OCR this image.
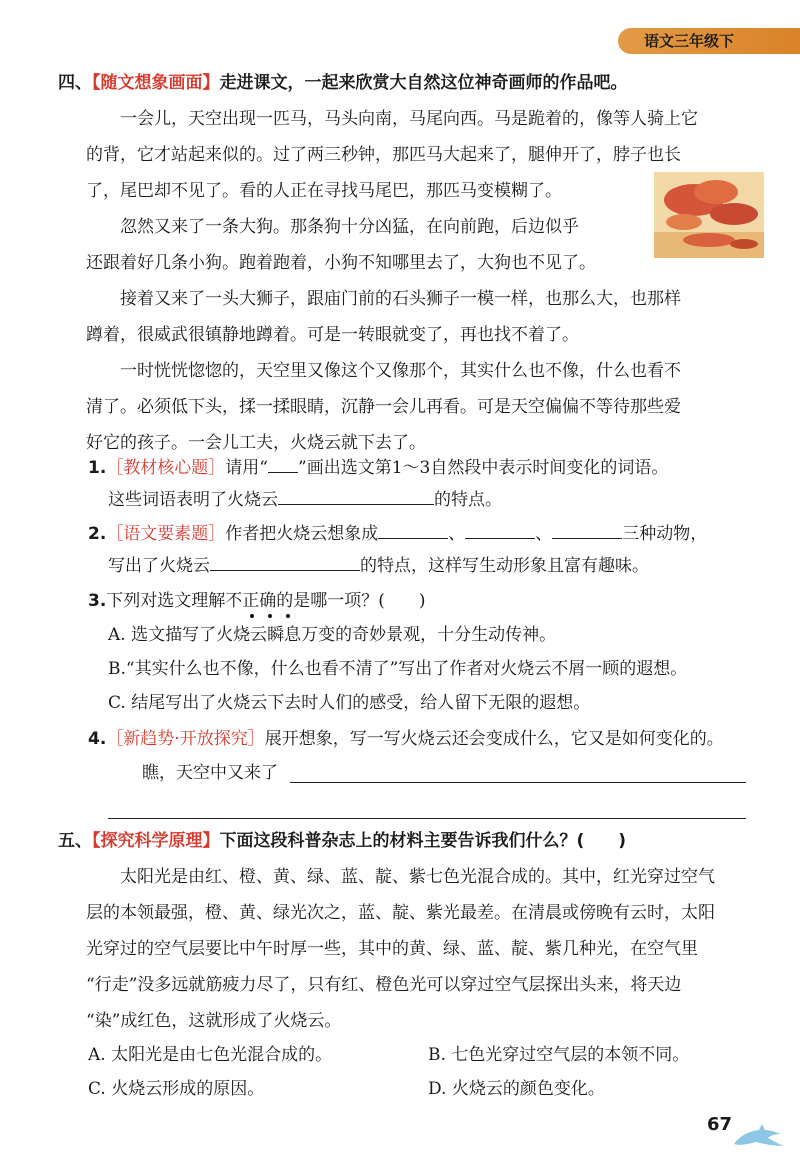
语文三年级下
四、【随文想象画面】走进课文，一起来欣赏大自然这位神奇画师的作品吧。
一会儿，天空出现一匹马，马头向南，马尾向西。马是跪着的，像等人骑上它
的背，它才站起来似的。过了两三秒钟，那匹马大起来了，腿伸开了，脖子也长
了，尾巴却不见了。看的人正在寻找马尾巴，那匹马变模糊了。
忽然又来了一条大狗。那条狗十分凶猛，在向前跑，后边似乎
还跟着好几条小狗。跑着跑着，小狗不知哪里去了，大狗也不见了。
接着又来了一头大狮子，跟庙门前的石头狮子一模一样，也那么大，也那样
蹲着，很威武很镇静地蹲着。可是一转眼就变了，再也找不着了。
一时恍恍惚惚的，天空里又像这个又像那个，其实什么也不像，什么也看不
清了。必须低下头，揉一揉眼睛，沉静一会儿再看。可是天空偏偏不等待那些爱
好它的孩子。一会儿工夫，火烧云就下去了。
1.［教材核心题］请用“ ”画出选文第1～3自然段中表示时间变化的词语。
这些词语表明了火烧云	的特点。
2.［语文要素题］作者把火烧云想象成	、	、	三种动物，
写出了火烧云	的特点，这样写生动形象且富有趣味。
3.下列对选文理解不正确的是哪一项？(　　)
A. 选文描写了火烧云瞬息万变的奇妙景观，十分生动传神。
B.“其实什么也不像，什么也看不清了”写出了作者对火烧云不屑一顾的遐想。
C. 结尾写出了火烧云下去时人们的感受，给人留下无限的遐想。
4.［新趋势·开放探究］展开想象，写一写火烧云还会变成什么，它又是如何变化的。
瞧，天空中又来了
五、【探究科学原理】下面这段科普杂志上的材料主要告诉我们什么？(　　)
太阳光是由红、橙、黄、绿、蓝、靛、紫七色光混合成的。其中，红光穿过空气
层的本领最强，橙、黄、绿光次之，蓝、靛、紫光最差。在清晨或傍晚有云时，太阳
光穿过的空气层要比中午时厚一些，其中的黄、绿、蓝、靛、紫几种光，在空气里
“行走”没多远就筋疲力尽了，只有红、橙色光可以穿过空气层探出头来，将天边
“染”成红色，这就形成了火烧云。
A. 太阳光是由七色光混合成的。	B. 七色光穿过空气层的本领不同。
C. 火烧云形成的原因。	D. 火烧云的颜色变化。
67
